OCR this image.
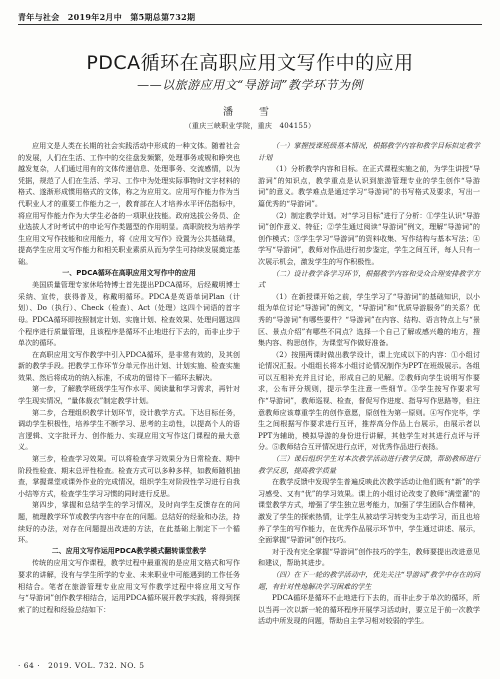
青年与社会　2019年2月中　第5期总第732期
PDCA循环在高职应用文写作中的应用
——以旅游应用文“导游词”教学环节为例
潘　雪
（重庆三峡职业学院，重庆　404155）

应用文是人类在长期的社会实践活动中形成的一种文体。随着社会的发展，人们在生活、工作中的交往盘发频繁，处理事务或规和睁突也越发复杂，人们通过用有的文体传递信息、处理事务、交流感情，以为凭据，规范了人们在生活、学习、工作中为处理实际事物时文字材料的格式、遂渐形成惯用格式的文体，称之为应用文。应用写作能力作为当代职业人才的重要工作能力之一，教育部在人才培养水平评估指标中，将应用写作能力作为大学生必备的一项职业技能。政府选拔公务员、企业选拔人才时考试中的申论写作类题型的作用明显。高职院校为培养学生应用文写作技能和应用能力，将《应用文写作》设置为公共基础课，提高学生应用文写作能力和相关职业素质从而为学生可持续发展奠定基础。

一、PDCA循环在高职应用文写作中的应用

美国质量管理专家休哈特博士首先提出PDCA循环，后经戴明博士采纳、宣传，获得普及，称戴明循环。PDCA是英语单词Plan（计划）、Do（执行）、Check（检查）、Act（处理）这四个词语的首字母。PDCA循环即按照制定计划、实施计划、检查效果、处理问题这四个程序进行质量管理，且该程序是循环不止地进行下去的，而非止步于单次的循环。

在高职应用文写作教学中引入PDCA循环，是非常有效的，及其创新的教学手段。把教学工作环节分单元作出计划、计划实施、检查实施效果、然后将成功的纳入标准，不成功的留待下一循环去解决。

第一步，了解教学班级学生写作水平、阅读量和学习需求，再针对学生现实情况，“量体裁衣”制定教学计划。

第二步，合理组织教学计划环节，设计教学方式。下达目标任务，调动学生积极性，培养学生不断学习、思考的主动性，以提高个人的语言逻辑、文字批评力、创作能力、实现应用文写作这门课程的最大意义。

第三步，检查学习效果。可以将检查学习效果分为日常检查、期中阶段性检查、期末总评性检查。检查方式可以多种多样，如教师随机抽查，掌握课堂或课外作业的完成情况，组织学生对阶段性学习进行自我小结等方式，检查学生学习习惯的同时进行反思。

第四步，掌握和总结学生的学习情况，及时向学生反馈存在的问题，梳理教学环节或教学内容中存在的问题。总结好的经验和办法，持续好的办法，对存在问题提出改进的方法，在此基础上制定下一个循环。

二、应用文写作运用PDCA教学模式翻转课堂教学

传统的应用文写作课程，教学过程中最重视的是应用文格式和写作要求的讲解，没有与学生所学的专业、未来职业中可能遇到的工作任务相结合。笔者在旅游管理专业应用文写作教学过程中将应用文写作与“导游词”创作教学相结合，运用PDCA循环展开教学实践，将得到探索了的过程和经验总结如下：

（一）掌握授课班级基本情况，根据教学内容和教学目标拟定教学计划

（1）分析教学内容和目标。在正式课程实施之前，为学生讲授“导游词”的知识点，教学重点是认识到旅游管理专业的学生创作“导游词”的意义。教学难点是通过学习“导游词”的书写格式及要求，写出一篇优秀的“导游词”。

（2）制定教学计划。对“学习目标”进行了分析：①学生认识“导游词”创作意义、特征；②学生通过阅读“导游词”例文，理解“导游词”的创作模式；③学生学习“导游词”的资料收集、写作结构与基本写法；④学写“导游词”，教师对作品进行初步鉴定，学生之间互评，每人只有一次展示机会，激发学生的写作积极性。

（二）设计教学各学习环节，根据教学内容和受众合理安排教学方式

（1）在新授课开始之前，学生学习了“导游词”的基础知识，以小组为单位讨论“导游词”的例文，“导游词”和“优质导游服务”的关系？优秀的“导游词”有哪些要件？“导游词”在内容、结构、语言特点上与“景区、景点介绍”有哪些不同点？选择一个自己了解或感兴趣的地方，搜集内容、构思创作，为课堂写作做好准备。

（2）按照两课时做出教学设计，课上完成以下的内容：①小组讨论情况汇报。小组组长将本小组讨论情况制作为PPT在班级展示。各组可以互相补充并且讨论，形成自己的见解。②教师向学生说明写作要求，公布评分规则，提示学生注意一些细节。③学生按写作要求写作“导游词”，教师巡视、检查，督促写作进度、指导写作思路等，但注意教师应该尊重学生的创作意愿，原创性为第一原则。④写作完毕，学生之间根据写作要求进行互评，推荐高分作品上台展示，由展示者以PPT为辅助，模拟导游的身份进行讲解，其他学生对其进行点评与评分。⑤教师结合互评情况进行点评，对优秀作品进行表扬。

（三）课后组织学生对本次教学活动进行教学反馈，帮助教师进行教学反思，提高教学质量

在教学反馈中发现学生普遍反映此次教学活动让他们既有“新”的学习感受、又有“优”的学习效果。课上的小组讨论改变了教师“满堂灌”的课堂教学方式，增强了学生独立思考能力，加强了学生团队合作精神，激发了学生的探索热情，让学生从被动学习转变为主动学习，而且也培养了学生的写作能力，在优秀作品展示环节中，学生通过讲述、展示，全面掌握“导游词”创作技巧。

对于没有完全掌握“导游词”创作技巧的学生，教师要提出改进意见和建议，帮助其进步。

（四）在下一轮的教学活动中，优先关注“导游词”教学中存在的问题，有针对性地解决学习困难的学生

PDCA循环是循环不止地进行下去的，而非止步于单次的循环，所以当再一次以新一轮的循环程序开展学习活动时，要立足于前一次教学活动中所发现的问题，帮助自主学习相对较弱的学生。

· 64 ·　2019. VOL. 732. NO. 5
